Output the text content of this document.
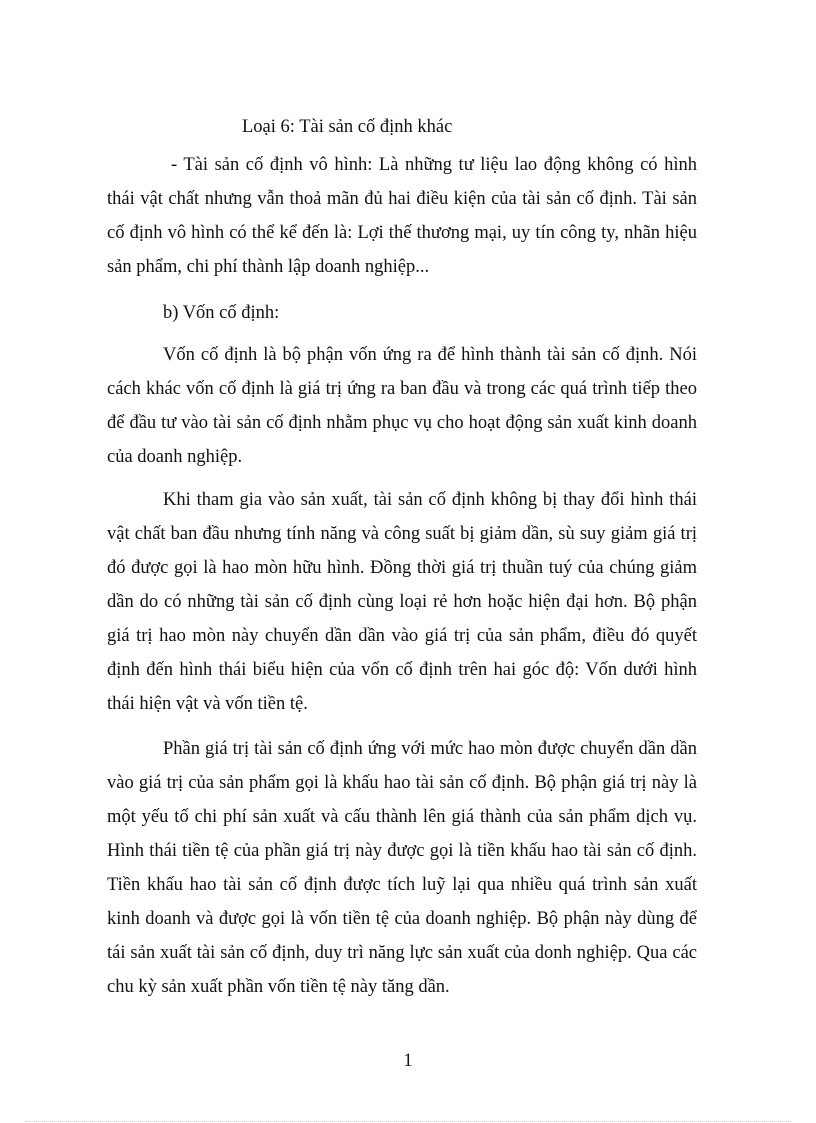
Loại 6: Tài sản cố định khác

- Tài sản cố định vô hình: Là những tư liệu lao động không có hình thái vật chất nhưng vẫn thoả mãn đủ hai điều kiện của tài sản cố định. Tài sản cố định vô hình có thể kể đến là: Lợi thế thương mại, uy tín công ty, nhãn hiệu sản phẩm, chi phí thành lập doanh nghiệp...

b) Vốn cố định:

Vốn cố định là bộ phận vốn ứng ra để hình thành tài sản cố định. Nói cách khác vốn cố định là giá trị ứng ra ban đầu và trong các quá trình tiếp theo để đầu tư vào tài sản cố định nhằm phục vụ cho hoạt động sản xuất kinh doanh của doanh nghiệp.

Khi tham gia vào sản xuất, tài sản cố định không bị thay đổi hình thái vật chất ban đầu nhưng tính năng và công suất bị giảm dần, sù suy giảm giá trị đó được gọi là hao mòn hữu hình. Đồng thời giá trị thuần tuý của chúng giảm dần do có những tài sản cố định cùng loại rẻ hơn hoặc hiện đại hơn. Bộ phận giá trị hao mòn này chuyển dần dần vào giá trị của sản phẩm, điều đó quyết định đến hình thái biểu hiện của vốn cố định trên hai góc độ: Vốn dưới hình thái hiện vật và vốn tiền tệ.

Phần giá trị tài sản cố định ứng với mức hao mòn được chuyển dần dần vào giá trị của sản phẩm gọi là khấu hao tài sản cố định. Bộ phận giá trị này là một yếu tố chi phí sản xuất và cấu thành lên giá thành của sản phẩm dịch vụ. Hình thái tiền tệ của phần giá trị này được gọi là tiền khấu hao tài sản cố định. Tiền khấu hao tài sản cố định được tích luỹ lại qua nhiều quá trình sản xuất kinh doanh và được gọi là vốn tiền tệ của doanh nghiệp. Bộ phận này dùng để tái sản xuất tài sản cố định, duy trì năng lực sản xuất của donh nghiệp. Qua các chu kỳ sản xuất phần vốn tiền tệ này tăng dần.

1
